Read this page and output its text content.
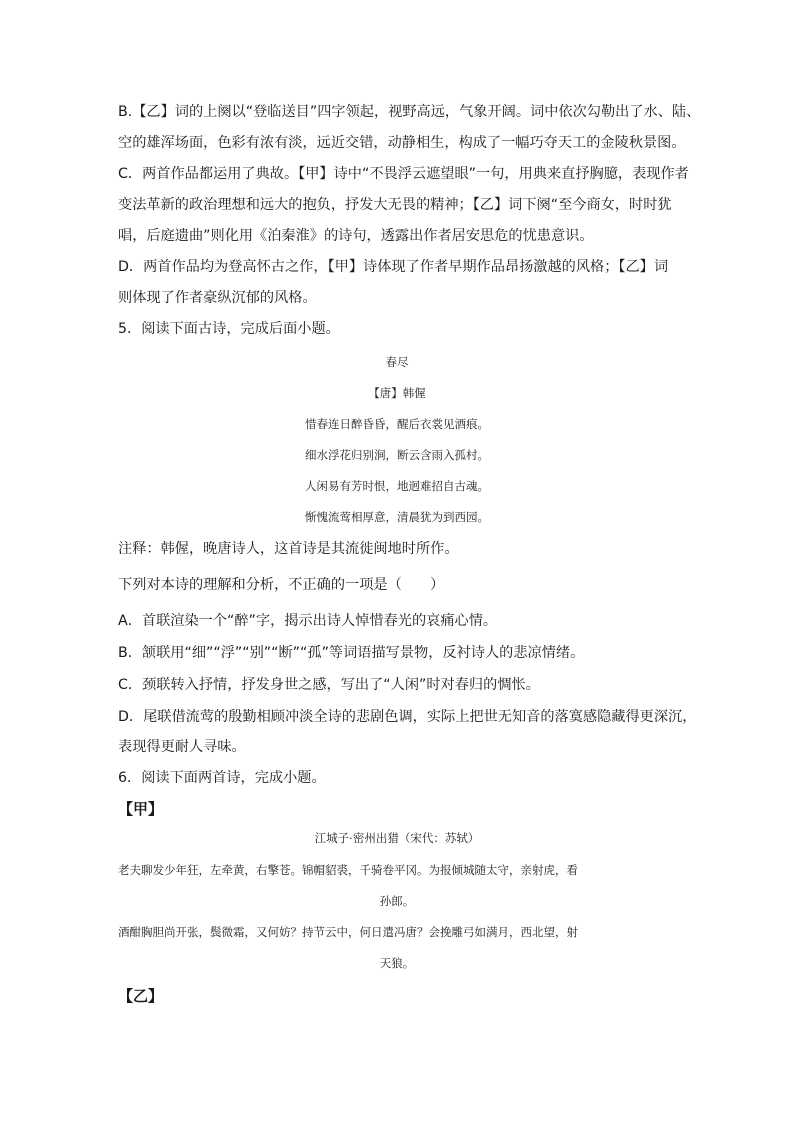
B.【乙】词的上阕以“登临送目”四字领起，视野高远，气象开阔。词中依次勾勒出了水、陆、
空的雄浑场面，色彩有浓有淡，远近交错，动静相生，构成了一幅巧夺天工的金陵秋景图。
C．两首作品都运用了典故。【甲】诗中“不畏浮云遮望眼”一句，用典来直抒胸臆，表现作者
变法革新的政治理想和远大的抱负，抒发大无畏的精神；【乙】词下阕“至今商女，时时犹
唱，后庭遗曲”则化用《泊秦淮》的诗句，透露出作者居安思危的忧患意识。
D．两首作品均为登高怀古之作，【甲】诗体现了作者早期作品昂扬激越的风格；【乙】词
则体现了作者豪纵沉郁的风格。
5．阅读下面古诗，完成后面小题。
春尽
【唐】韩偓
惜春连日醉昏昏，醒后衣裳见酒痕。
细水浮花归别涧，断云含雨入孤村。
人闲易有芳时恨，地迥难招自古魂。
惭愧流莺相厚意，清晨犹为到西园。
注释：韩偓，晚唐诗人，这首诗是其流徙闽地时所作。
下列对本诗的理解和分析，不正确的一项是（　　）
A．首联渲染一个“醉”字，揭示出诗人悼惜春光的哀痛心情。
B．颔联用“细”“浮”“别”“断”“孤”等词语描写景物，反衬诗人的悲凉情绪。
C．颈联转入抒情，抒发身世之感，写出了“人闲”时对春归的惆怅。
D．尾联借流莺的殷勤相顾冲淡全诗的悲剧色调，实际上把世无知音的落寞感隐藏得更深沉，
表现得更耐人寻味。
6．阅读下面两首诗，完成小题。
【甲】
江城子·密州出猎（宋代：苏轼）
老夫聊发少年狂，左牵黄，右擎苍。锦帽貂裘，千骑卷平冈。为报倾城随太守，亲射虎，看
孙郎。
酒酣胸胆尚开张，鬓微霜，又何妨？持节云中，何日遣冯唐？会挽雕弓如满月，西北望，射
天狼。
【乙】
